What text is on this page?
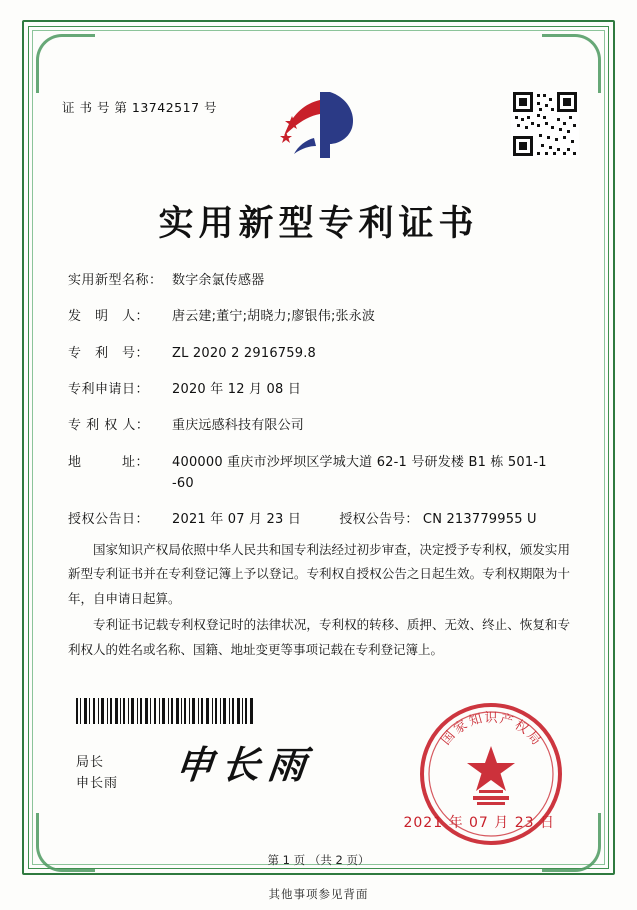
证 书 号 第 13742517 号
实用新型专利证书
实用新型名称： 数字余氯传感器
发　明　人：	唐云建;董宁;胡晓力;廖银伟;张永波
专　利　号：	ZL 2020 2 2916759.8
专利申请日：	2020 年 12 月 08 日
专 利 权 人：	重庆远感科技有限公司
地　　　址：	400000 重庆市沙坪坝区学城大道 62-1 号研发楼 B1 栋 501-1
-60
授权公告日：	2021 年 07 月 23 日	授权公告号： CN 213779955 U

国家知识产权局依照中华人民共和国专利法经过初步审查，决定授予专利权，颁发实用新型专利证书并在专利登记簿上予以登记。专利权自授权公告之日起生效。专利权期限为十年，自申请日起算。

专利证书记载专利权登记时的法律状况，专利权的转移、质押、无效、终止、恢复和专利权人的姓名或名称、国籍、地址变更等事项记载在专利登记簿上。

局长
申长雨 申长雨
国
家
知 识 产
权
局
2021 年 07 月 23 日
第 1 页 （共 2 页）
其他事项参见背面
